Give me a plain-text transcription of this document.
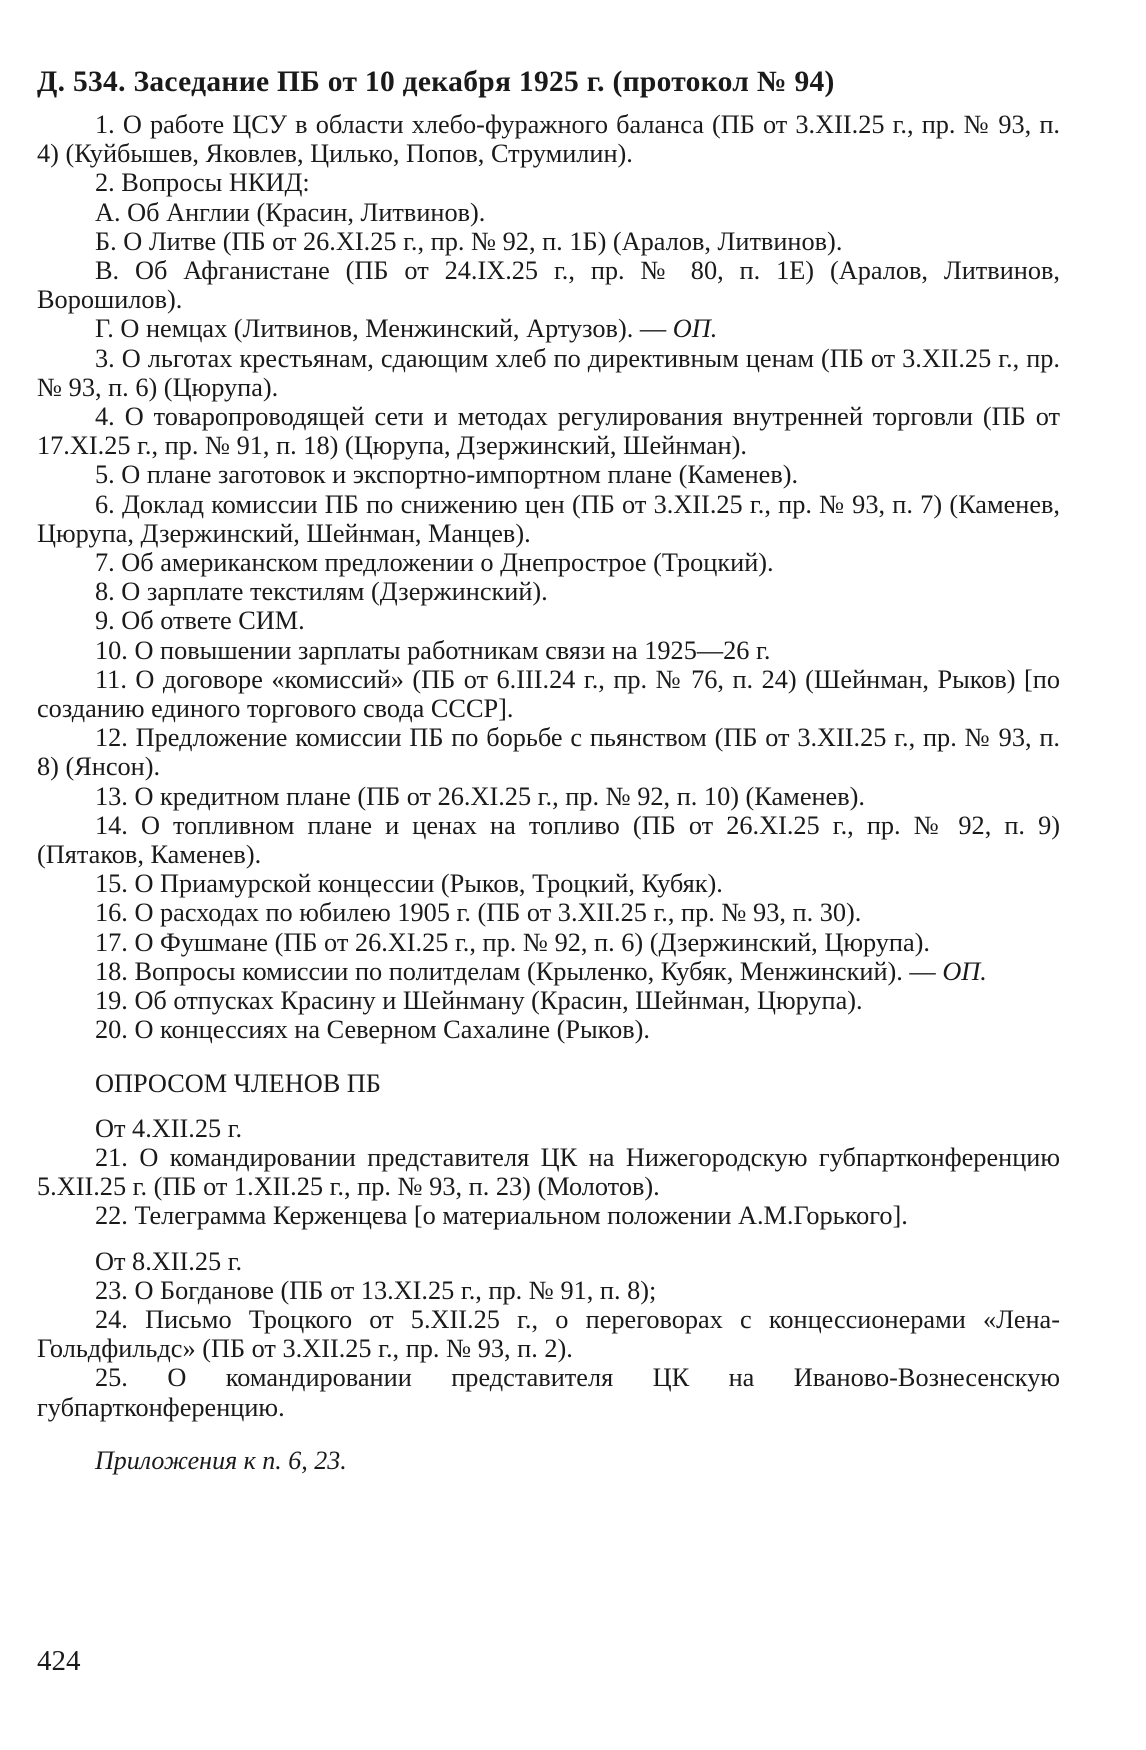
Д. 534. Заседание ПБ от 10 декабря 1925 г. (протокол № 94)

1. О работе ЦСУ в области хлебо-фуражного баланса (ПБ от 3.XII.25 г., пр. № 93, п. 4) (Куйбышев, Яковлев, Цилько, Попов, Струмилин).

2. Вопросы НКИД:

А. Об Англии (Красин, Литвинов).

Б. О Литве (ПБ от 26.XI.25 г., пр. № 92, п. 1Б) (Аралов, Литвинов).

В. Об Афганистане (ПБ от 24.IX.25 г., пр. № 80, п. 1Е) (Аралов, Литвинов, Ворошилов).

Г. О немцах (Литвинов, Менжинский, Артузов). — ОП.

3. О льготах крестьянам, сдающим хлеб по директивным ценам (ПБ от 3.XII.25 г., пр. № 93, п. 6) (Цюрупа).

4. О товаропроводящей сети и методах регулирования внутренней торговли (ПБ от 17.XI.25 г., пр. № 91, п. 18) (Цюрупа, Дзержинский, Шейнман).

5. О плане заготовок и экспортно-импортном плане (Каменев).

6. Доклад комиссии ПБ по снижению цен (ПБ от 3.XII.25 г., пр. № 93, п. 7) (Каменев, Цюрупа, Дзержинский, Шейнман, Манцев).

7. Об американском предложении о Днепрострое (Троцкий).

8. О зарплате текстилям (Дзержинский).

9. Об ответе СИМ.

10. О повышении зарплаты работникам связи на 1925—26 г.

11. О договоре «комиссий» (ПБ от 6.III.24 г., пр. № 76, п. 24) (Шейнман, Рыков) [по созданию единого торгового свода СССР].

12. Предложение комиссии ПБ по борьбе с пьянством (ПБ от 3.XII.25 г., пр. № 93, п. 8) (Янсон).

13. О кредитном плане (ПБ от 26.XI.25 г., пр. № 92, п. 10) (Каменев).

14. О топливном плане и ценах на топливо (ПБ от 26.XI.25 г., пр. № 92, п. 9) (Пятаков, Каменев).

15. О Приамурской концессии (Рыков, Троцкий, Кубяк).

16. О расходах по юбилею 1905 г. (ПБ от 3.XII.25 г., пр. № 93, п. 30).

17. О Фушмане (ПБ от 26.XI.25 г., пр. № 92, п. 6) (Дзержинский, Цюрупа).

18. Вопросы комиссии по политделам (Крыленко, Кубяк, Менжинский). — ОП.

19. Об отпусках Красину и Шейнману (Красин, Шейнман, Цюрупа).

20. О концессиях на Северном Сахалине (Рыков).

ОПРОСОМ ЧЛЕНОВ ПБ

От 4.XII.25 г.

21. О командировании представителя ЦК на Нижегородскую губпартконференцию 5.XII.25 г. (ПБ от 1.XII.25 г., пр. № 93, п. 23) (Молотов).

22. Телеграмма Керженцева [о материальном положении А.М.Горького].

От 8.XII.25 г.

23. О Богданове (ПБ от 13.XI.25 г., пр. № 91, п. 8);

24. Письмо Троцкого от 5.XII.25 г., о переговорах с концессионерами «Лена-Гольдфильдс» (ПБ от 3.XII.25 г., пр. № 93, п. 2).

25. О командировании представителя ЦК на Иваново-Вознесенскую губпартконференцию.

Приложения к п. 6, 23.

424
